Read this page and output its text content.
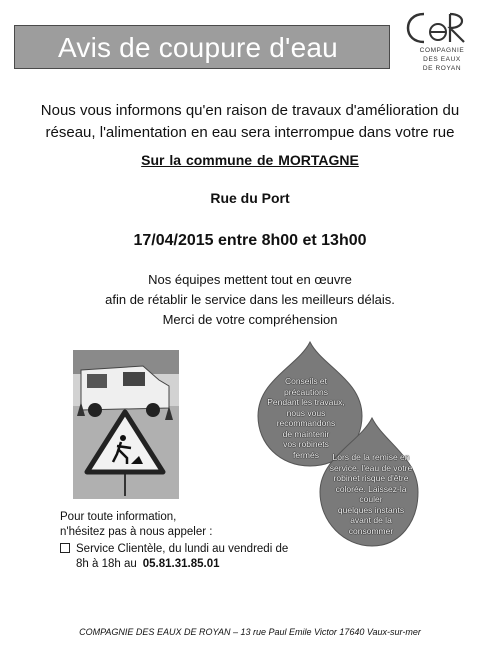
Avis de coupure d'eau	COMPAGNIE
DES EAUX
DE ROYAN
Nous vous informons qu'en raison de travaux d'amélioration du
réseau, l'alimentation en eau sera interrompue dans votre rue
Sur la commune de MORTAGNE
Rue du Port
17/04/2015 entre 8h00 et 13h00
Nos équipes mettent tout en œuvre
afin de rétablir le service dans les meilleurs délais.
Merci de votre compréhension
Conseils et
précautions
Pendant les travaux,
nous vous recommandons
de maintenir
vos robinets
fermés	Lors de la remise en
service, l'eau de votre
robinet risque d'être
colorée. Laissez-la couler
quelques instants
avant de la
consommer
Pour toute information,
n'hésitez pas à nous appeler :
Service Clientèle, du lundi au vendredi de
8h à 18h au 05.81.31.85.01
COMPAGNIE DES EAUX DE ROYAN – 13 rue Paul Emile Victor 17640 Vaux-sur-mer
